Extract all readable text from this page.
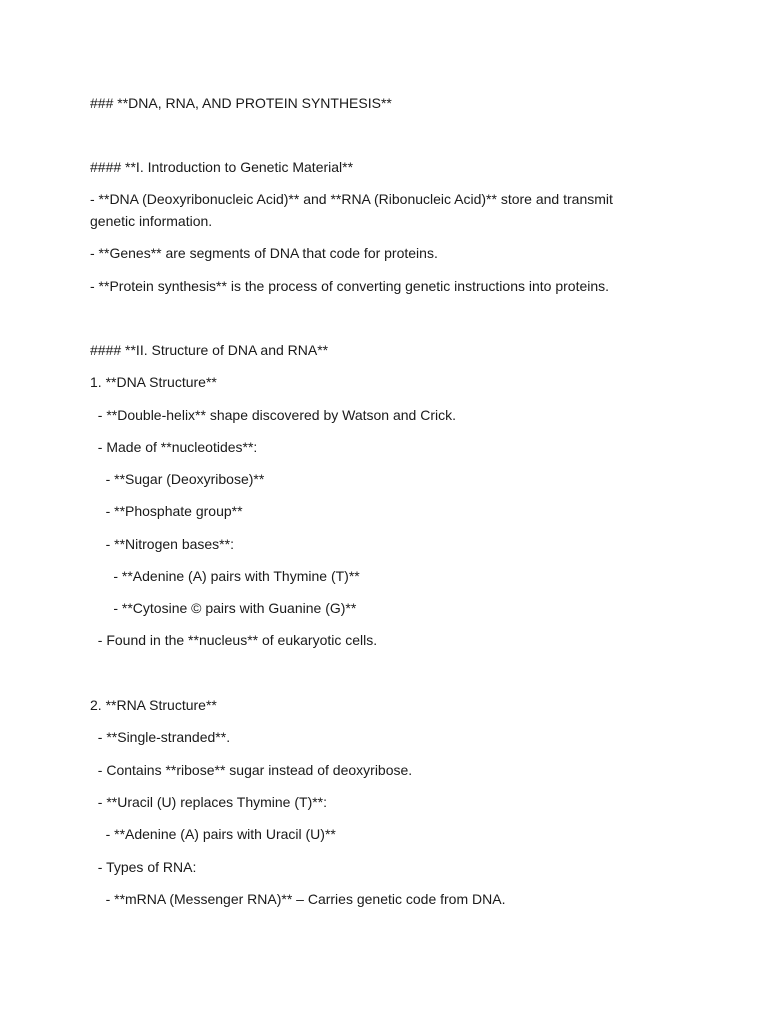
### **DNA, RNA, AND PROTEIN SYNTHESIS**

#### **I. Introduction to Genetic Material**

- **DNA (Deoxyribonucleic Acid)** and **RNA (Ribonucleic Acid)** store and transmit genetic information.

- **Genes** are segments of DNA that code for proteins.

- **Protein synthesis** is the process of converting genetic instructions into proteins.

#### **II. Structure of DNA and RNA**

1. **DNA Structure**

- **Double-helix** shape discovered by Watson and Crick.

- Made of **nucleotides**:

- **Sugar (Deoxyribose)**

- **Phosphate group**

- **Nitrogen bases**:

- **Adenine (A) pairs with Thymine (T)**

- **Cytosine © pairs with Guanine (G)**

- Found in the **nucleus** of eukaryotic cells.

2. **RNA Structure**

- **Single-stranded**.

- Contains **ribose** sugar instead of deoxyribose.

- **Uracil (U) replaces Thymine (T)**:

- **Adenine (A) pairs with Uracil (U)**

- Types of RNA:

- **mRNA (Messenger RNA)** – Carries genetic code from DNA.
